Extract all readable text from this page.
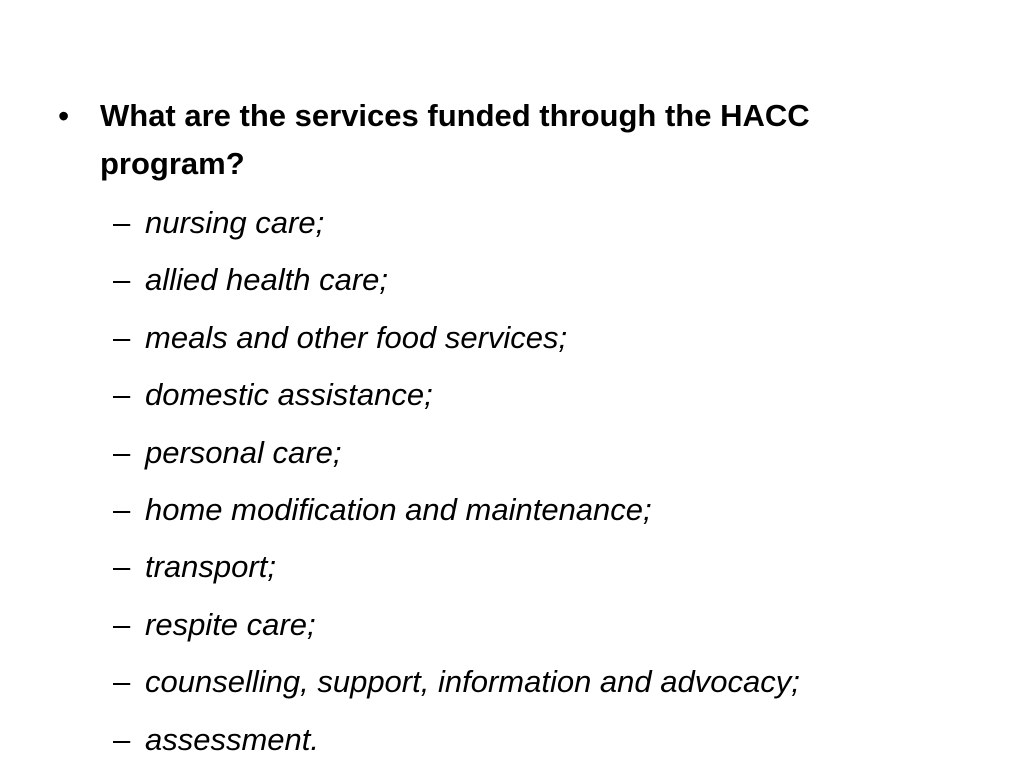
• What are the services funded through the HACC program?
– nursing care;
– allied health care;
– meals and other food services;
– domestic assistance;
– personal care;
– home modification and maintenance;
– transport;
– respite care;
– counselling, support, information and advocacy;
– assessment.
